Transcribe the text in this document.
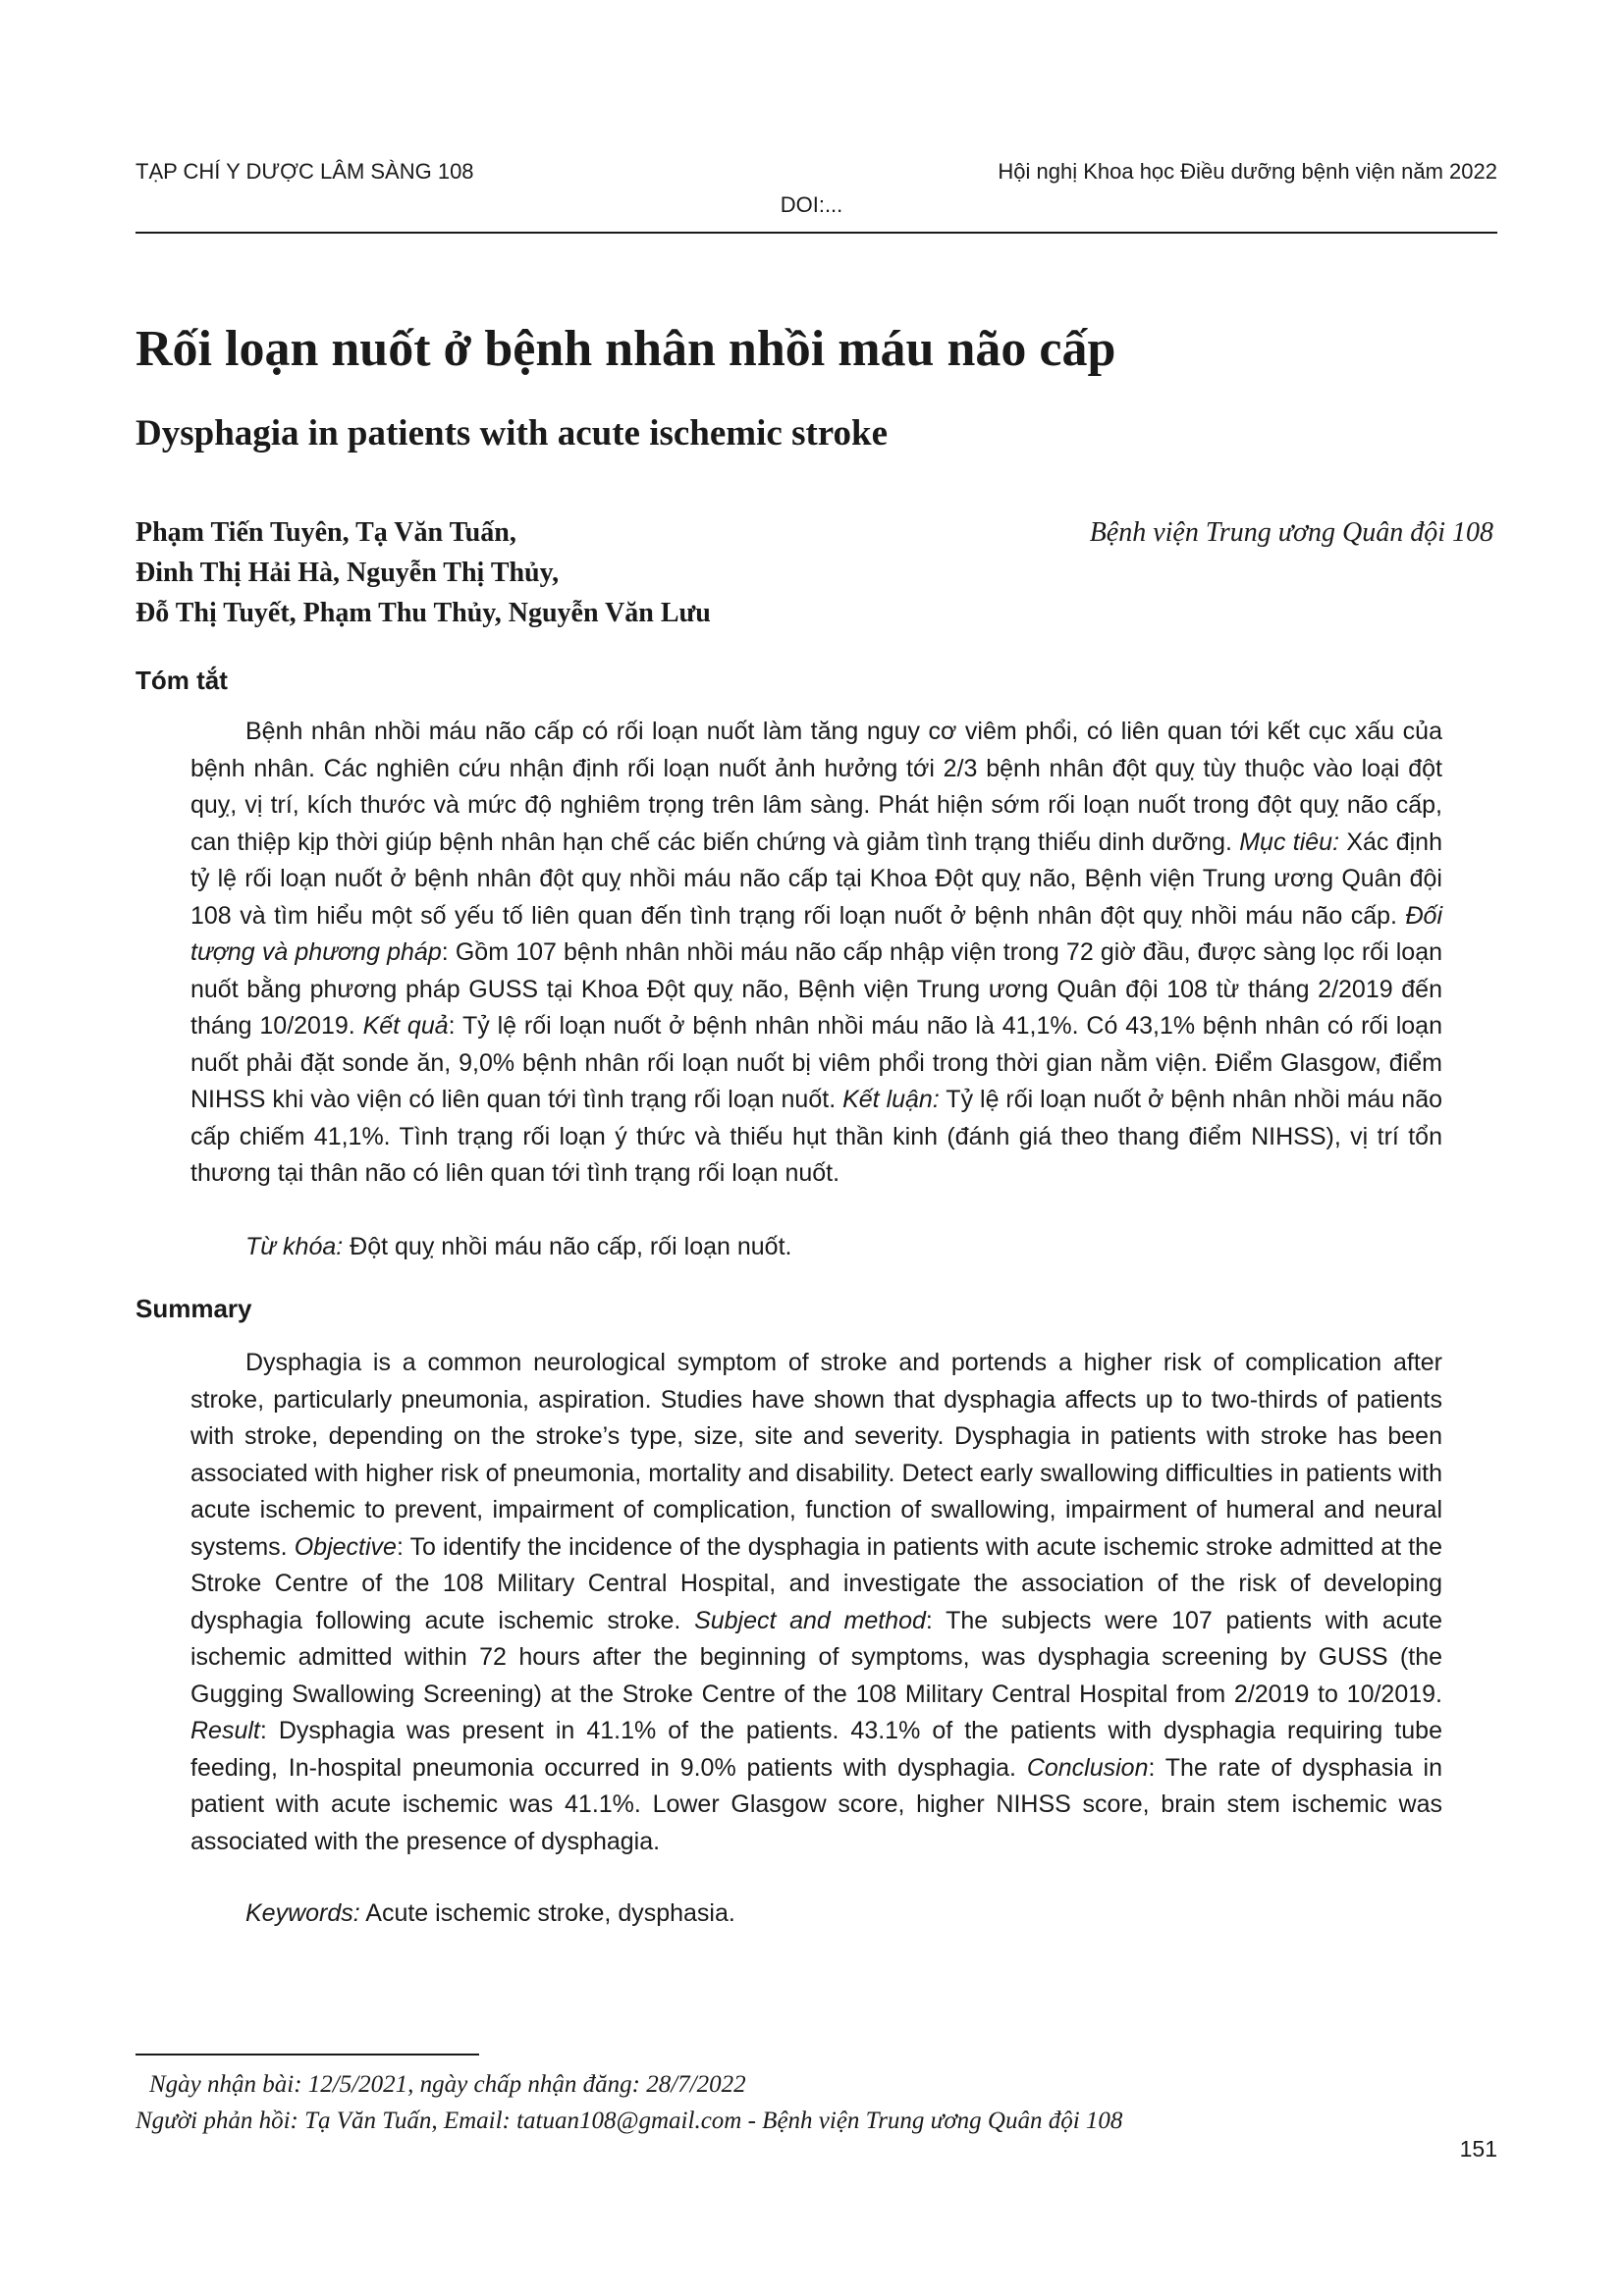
TẠP CHÍ Y DƯỢC LÂM SÀNG 108	Hội nghị Khoa học Điều dưỡng bệnh viện năm 2022
DOI:...
Rối loạn nuốt ở bệnh nhân nhồi máu não cấp
Dysphagia in patients with acute ischemic stroke
Phạm Tiến Tuyên, Tạ Văn Tuấn,
Đinh Thị Hải Hà, Nguyễn Thị Thủy,
Đỗ Thị Tuyết, Phạm Thu Thủy, Nguyễn Văn Lưu
Bệnh viện Trung ương Quân đội 108
Tóm tắt

Bệnh nhân nhồi máu não cấp có rối loạn nuốt làm tăng nguy cơ viêm phổi, có liên quan tới kết cục xấu của bệnh nhân. Các nghiên cứu nhận định rối loạn nuốt ảnh hưởng tới 2/3 bệnh nhân đột quỵ tùy thuộc vào loại đột quỵ, vị trí, kích thước và mức độ nghiêm trọng trên lâm sàng. Phát hiện sớm rối loạn nuốt trong đột quỵ não cấp, can thiệp kịp thời giúp bệnh nhân hạn chế các biến chứng và giảm tình trạng thiếu dinh dưỡng. Mục tiêu: Xác định tỷ lệ rối loạn nuốt ở bệnh nhân đột quỵ nhồi máu não cấp tại Khoa Đột quỵ não, Bệnh viện Trung ương Quân đội 108 và tìm hiểu một số yếu tố liên quan đến tình trạng rối loạn nuốt ở bệnh nhân đột quỵ nhồi máu não cấp. Đối tượng và phương pháp: Gồm 107 bệnh nhân nhồi máu não cấp nhập viện trong 72 giờ đầu, được sàng lọc rối loạn nuốt bằng phương pháp GUSS tại Khoa Đột quỵ não, Bệnh viện Trung ương Quân đội 108 từ tháng 2/2019 đến tháng 10/2019. Kết quả: Tỷ lệ rối loạn nuốt ở bệnh nhân nhồi máu não là 41,1%. Có 43,1% bệnh nhân có rối loạn nuốt phải đặt sonde ăn, 9,0% bệnh nhân rối loạn nuốt bị viêm phổi trong thời gian nằm viện. Điểm Glasgow, điểm NIHSS khi vào viện có liên quan tới tình trạng rối loạn nuốt. Kết luận: Tỷ lệ rối loạn nuốt ở bệnh nhân nhồi máu não cấp chiếm 41,1%. Tình trạng rối loạn ý thức và thiếu hụt thần kinh (đánh giá theo thang điểm NIHSS), vị trí tổn thương tại thân não có liên quan tới tình trạng rối loạn nuốt.

Từ khóa: Đột quỵ nhồi máu não cấp, rối loạn nuốt.
Summary

Dysphagia is a common neurological symptom of stroke and portends a higher risk of complication after stroke, particularly pneumonia, aspiration. Studies have shown that dysphagia affects up to two-thirds of patients with stroke, depending on the stroke’s type, size, site and severity. Dysphagia in patients with stroke has been associated with higher risk of pneumonia, mortality and disability. Detect early swallowing difficulties in patients with acute ischemic to prevent, impairment of complication, function of swallowing, impairment of humeral and neural systems. Objective: To identify the incidence of the dysphagia in patients with acute ischemic stroke admitted at the Stroke Centre of the 108 Military Central Hospital, and investigate the association of the risk of developing dysphagia following acute ischemic stroke. Subject and method: The subjects were 107 patients with acute ischemic admitted within 72 hours after the beginning of symptoms, was dysphagia screening by GUSS (the Gugging Swallowing Screening) at the Stroke Centre of the 108 Military Central Hospital from 2/2019 to 10/2019. Result: Dysphagia was present in 41.1% of the patients. 43.1% of the patients with dysphagia requiring tube feeding, In-hospital pneumonia occurred in 9.0% patients with dysphagia. Conclusion: The rate of dysphasia in patient with acute ischemic was 41.1%. Lower Glasgow score, higher NIHSS score, brain stem ischemic was associated with the presence of dysphagia.

Keywords: Acute ischemic stroke, dysphasia.
Ngày nhận bài: 12/5/2021, ngày chấp nhận đăng: 28/7/2022
Người phản hồi: Tạ Văn Tuấn, Email: tatuan108@gmail.com - Bệnh viện Trung ương Quân đội 108
151
